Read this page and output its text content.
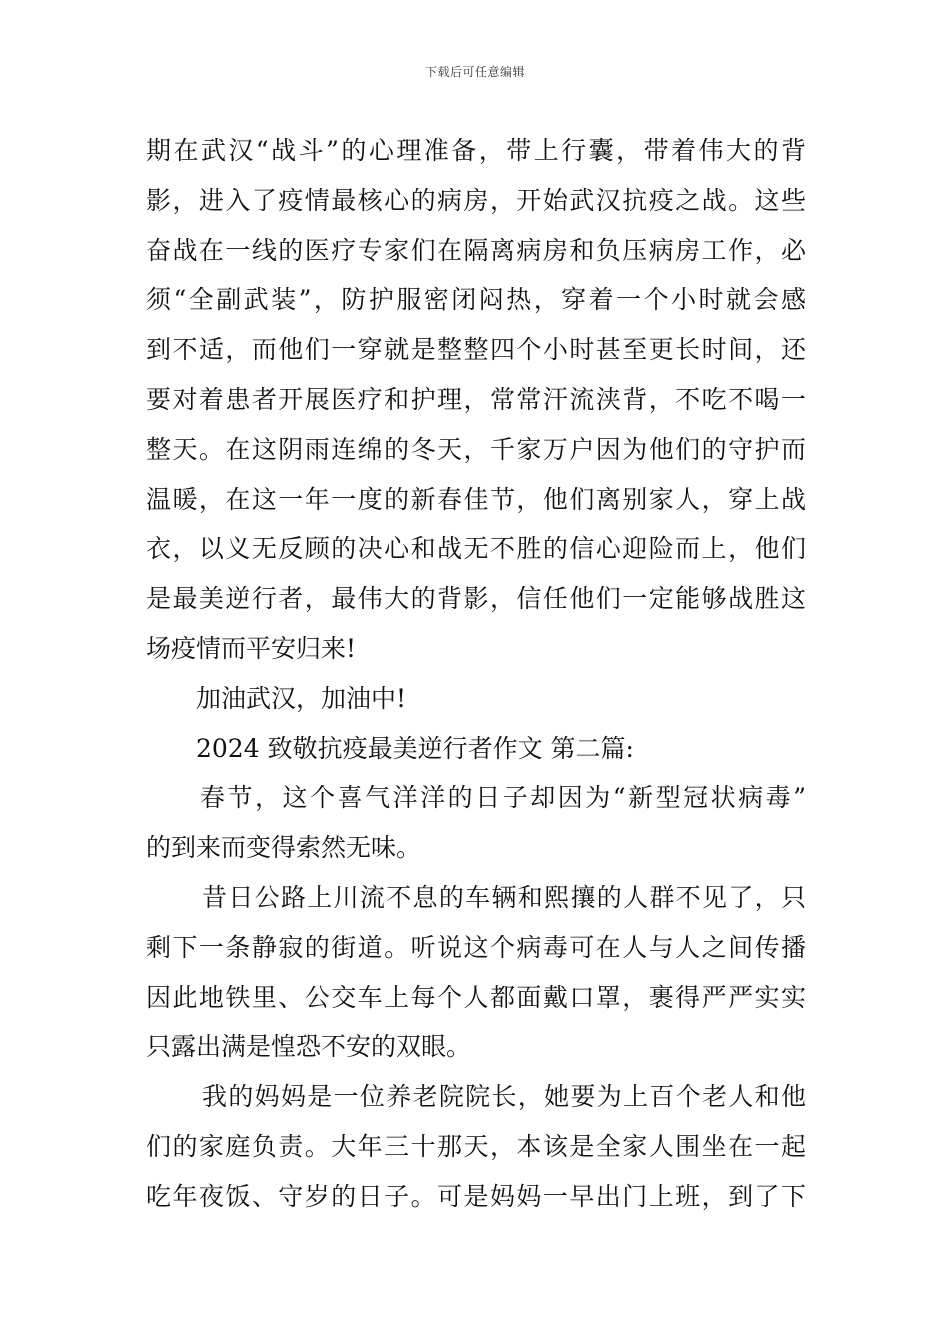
下载后可任意编辑
期在武汉“战斗”的心理准备，带上行囊，带着伟大的背
影，进入了疫情最核心的病房，开始武汉抗疫之战。这些
奋战在一线的医疗专家们在隔离病房和负压病房工作，必
须“全副武装”，防护服密闭闷热，穿着一个小时就会感
到不适，而他们一穿就是整整四个小时甚至更长时间，还
要对着患者开展医疗和护理，常常汗流浃背，不吃不喝一
整天。在这阴雨连绵的冬天，千家万户因为他们的守护而
温暖，在这一年一度的新春佳节，他们离别家人，穿上战
衣，以义无反顾的决心和战无不胜的信心迎险而上，他们
是最美逆行者，最伟大的背影，信任他们一定能够战胜这
场疫情而平安归来!
加油武汉，加油中!
2024 致敬抗疫最美逆行者作文 第二篇:
春节，这个喜气洋洋的日子却因为“新型冠状病毒”
的到来而变得索然无味。
昔日公路上川流不息的车辆和熙攘的人群不见了，只
剩下一条静寂的街道。听说这个病毒可在人与人之间传播
因此地铁里、公交车上每个人都面戴口罩，裹得严严实实
只露出满是惶恐不安的双眼。
我的妈妈是一位养老院院长，她要为上百个老人和他
们的家庭负责。大年三十那天，本该是全家人围坐在一起
吃年夜饭、守岁的日子。可是妈妈一早出门上班，到了下
